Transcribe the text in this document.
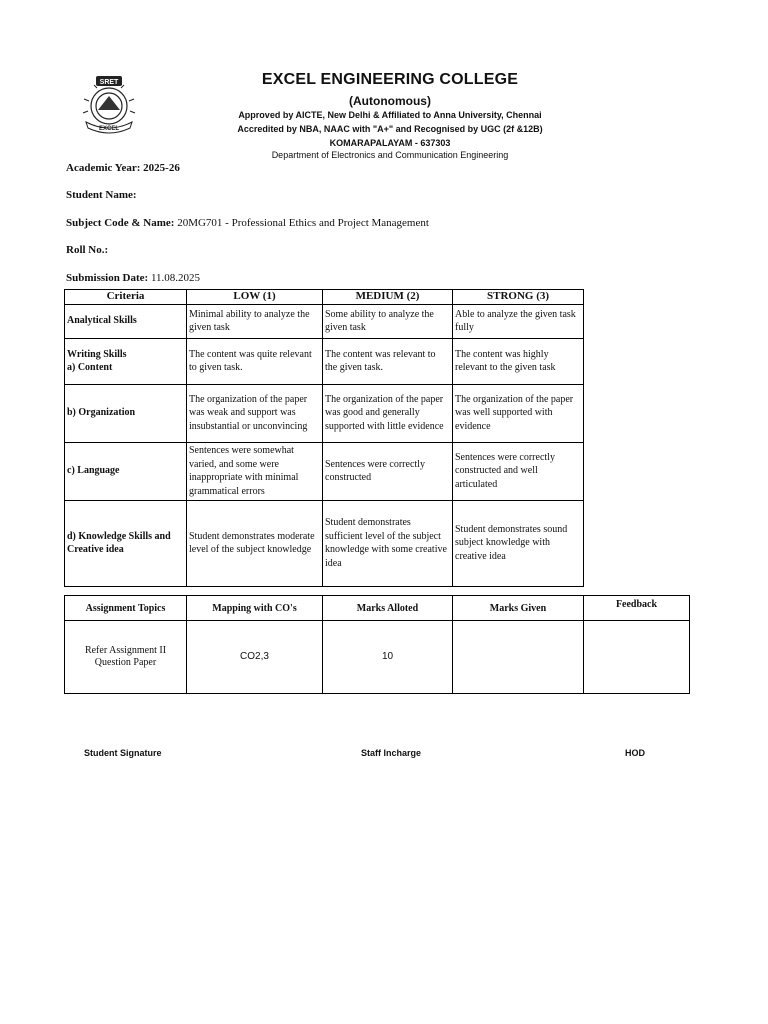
SRET
EXCEL
EXCEL ENGINEERING COLLEGE
(Autonomous)
Approved by AICTE, New Delhi & Affiliated to Anna University, Chennai
Accredited by NBA, NAAC with "A+" and Recognised by UGC (2f &12B)
KOMARAPALAYAM - 637303
Department of Electronics and Communication Engineering
Academic Year: 2025-26
Student Name:
Subject Code & Name: 20MG701 - Professional Ethics and Project Management
Roll No.:
Submission Date: 11.08.2025
Criteria	LOW (1)	MEDIUM (2)	STRONG (3)
Analytical Skills	Minimal ability to analyze the given task	Some ability to analyze the given task	Able to analyze the given task fully

Writing Skills
a) Content	The content was quite relevant to given task.	The content was relevant to the given task.	The content was highly relevant to the given task
b) Organization	The organization of the paper was weak and support was insubstantial or unconvincing	The organization of the paper was good and generally supported with little evidence	The organization of the paper was well supported with evidence
c) Language	Sentences were somewhat varied, and some were inappropriate with minimal grammatical errors	Sentences were correctly constructed	Sentences were correctly constructed and well articulated
d) Knowledge Skills and Creative idea	Student demonstrates moderate level of the subject knowledge	Student demonstrates sufficient level of the subject knowledge with some creative idea	Student demonstrates sound subject knowledge with creative idea
Assignment Topics	Mapping with CO's	Marks Alloted	Marks Given	Feedback
Refer Assignment II Question Paper	CO2,3	10		
Student Signature	Staff Incharge	HOD
